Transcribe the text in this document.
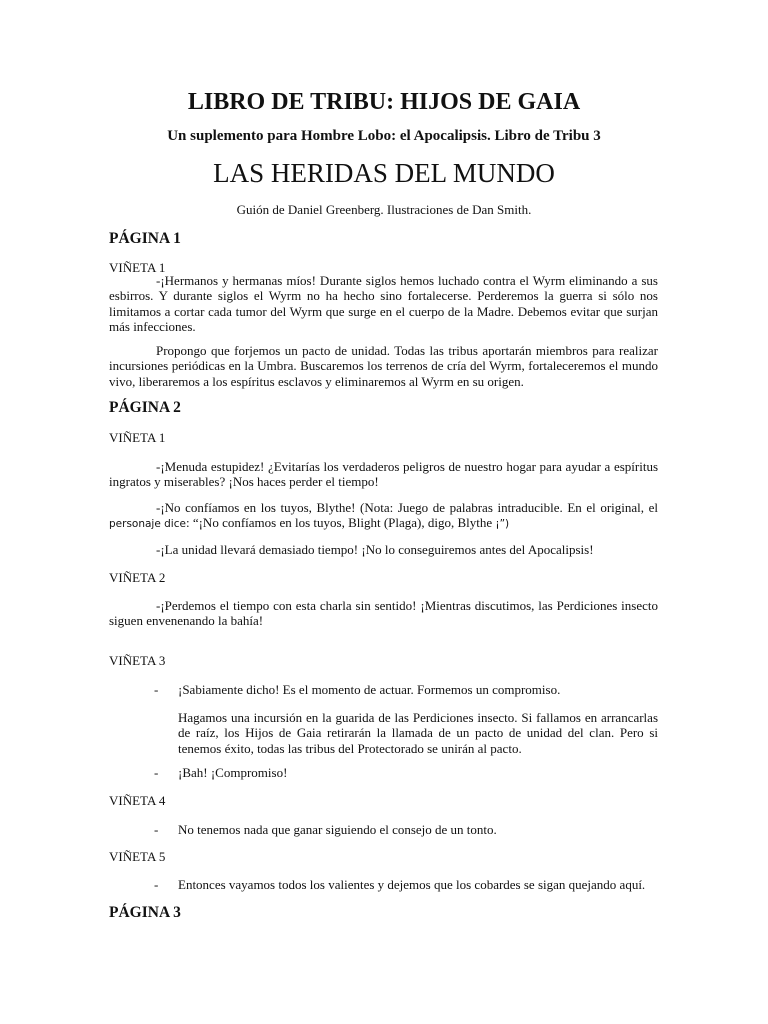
LIBRO DE TRIBU: HIJOS DE GAIA
Un suplemento para Hombre Lobo: el Apocalipsis. Libro de Tribu 3
LAS HERIDAS DEL MUNDO
Guión de Daniel Greenberg. Ilustraciones de Dan Smith.
PÁGINA 1
VIÑETA 1
-¡Hermanos y hermanas míos! Durante siglos hemos luchado contra el Wyrm eliminando a sus
esbirros. Y durante siglos el Wyrm no ha hecho sino fortalecerse. Perderemos la guerra si sólo nos
limitamos a cortar cada tumor del Wyrm que surge en el cuerpo de la Madre. Debemos evitar que surjan
más infecciones.
Propongo que forjemos un pacto de unidad. Todas las tribus aportarán miembros para realizar
incursiones periódicas en la Umbra. Buscaremos los terrenos de cría del Wyrm, fortaleceremos el mundo
vivo, liberaremos a los espíritus esclavos y eliminaremos al Wyrm en su origen.
PÁGINA 2
VIÑETA 1
-¡Menuda estupidez! ¿Evitarías los verdaderos peligros de nuestro hogar para ayudar a espíritus
ingratos y miserables? ¡Nos haces perder el tiempo!
-¡No confíamos en los tuyos, Blythe! (Nota: Juego de palabras intraducible. En el original, el
personaje dice: “¡No confíamos en los tuyos, Blight (Plaga), digo, Blythe ¡”)
-¡La unidad llevará demasiado tiempo! ¡No lo conseguiremos antes del Apocalipsis!
VIÑETA 2
-¡Perdemos el tiempo con esta charla sin sentido! ¡Mientras discutimos, las Perdiciones insecto
siguen envenenando la bahía!
VIÑETA 3
- ¡Sabiamente dicho! Es el momento de actuar. Formemos un compromiso.
Hagamos una incursión en la guarida de las Perdiciones insecto. Si fallamos en arrancarlas
de raíz, los Hijos de Gaia retirarán la llamada de un pacto de unidad del clan. Pero si
tenemos éxito, todas las tribus del Protectorado se unirán al pacto.
- ¡Bah! ¡Compromiso!
VIÑETA 4
- No tenemos nada que ganar siguiendo el consejo de un tonto.
VIÑETA 5
- Entonces vayamos todos los valientes y dejemos que los cobardes se sigan quejando aquí.
PÁGINA 3
